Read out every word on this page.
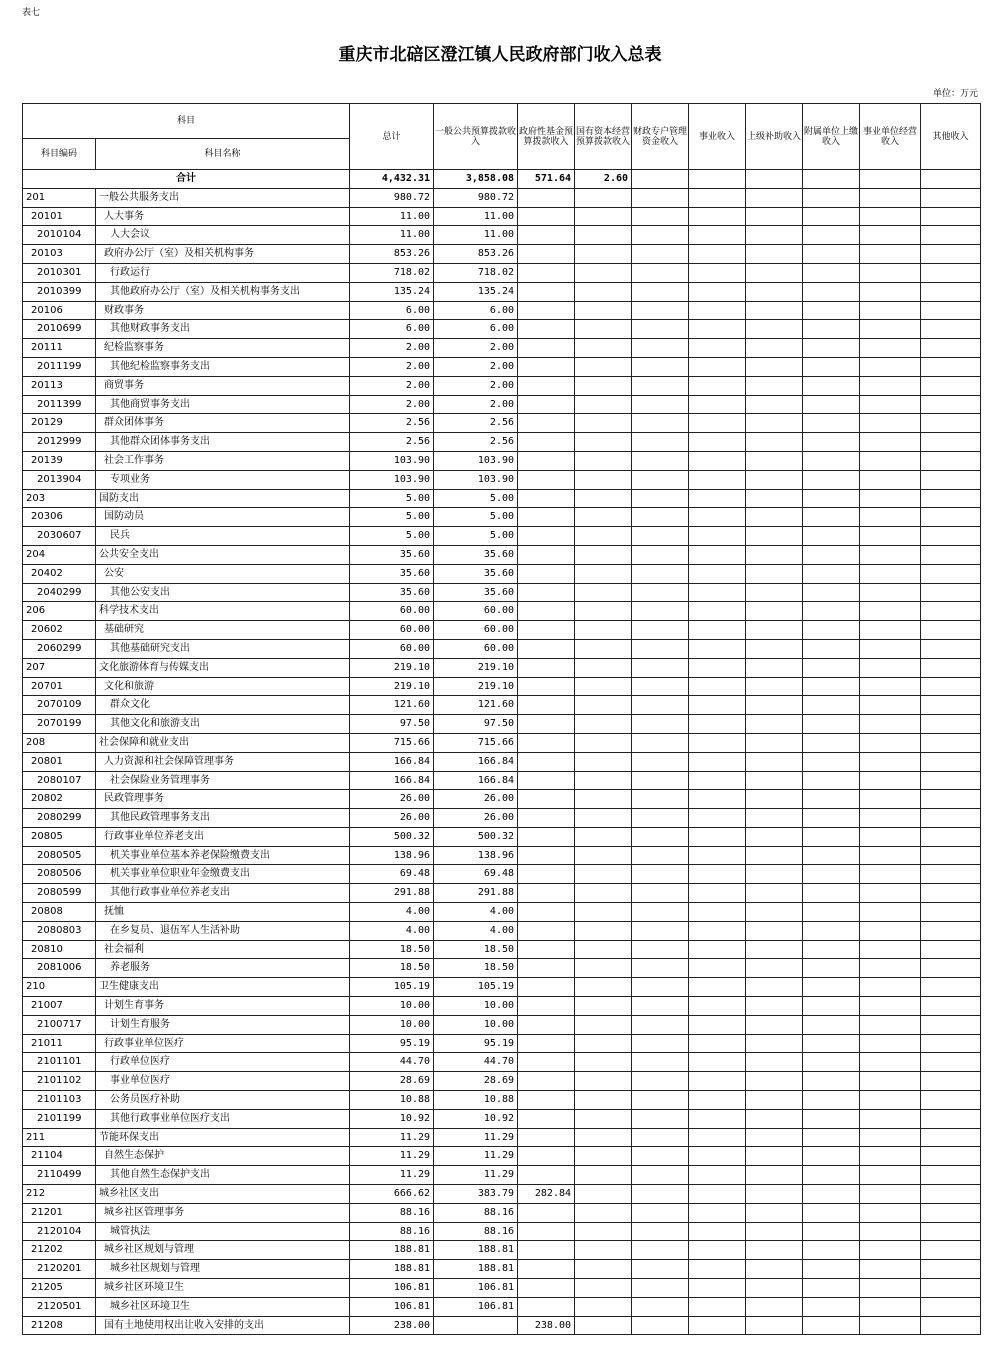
表七
重庆市北碚区澄江镇人民政府部门收入总表
单位：万元
科目		总计	一般公共预算拨款收入	政府性基金预算拨款收入	国有资本经营预算拨款收入	财政专户管理资金收入	事业收入	上级补助收入	附属单位上缴收入	事业单位经营收入	其他收入
科目编码	科目名称										
合计		4,432.31	3,858.08	571.64	2.60						
201	一般公共服务支出	980.72	980.72								
20101	人大事务	11.00	11.00								
2010104	人大会议	11.00	11.00								
20103	政府办公厅（室）及相关机构事务	853.26	853.26								
2010301	行政运行	718.02	718.02								
2010399	其他政府办公厅（室）及相关机构事务支出	135.24	135.24								
20106	财政事务	6.00	6.00								
2010699	其他财政事务支出	6.00	6.00								
20111	纪检监察事务	2.00	2.00								
2011199	其他纪检监察事务支出	2.00	2.00								
20113	商贸事务	2.00	2.00								
2011399	其他商贸事务支出	2.00	2.00								
20129	群众团体事务	2.56	2.56								
2012999	其他群众团体事务支出	2.56	2.56								
20139	社会工作事务	103.90	103.90								
2013904	专项业务	103.90	103.90								
203	国防支出	5.00	5.00								
20306	国防动员	5.00	5.00								
2030607	民兵	5.00	5.00								
204	公共安全支出	35.60	35.60								
20402	公安	35.60	35.60								
2040299	其他公安支出	35.60	35.60								
206	科学技术支出	60.00	60.00								
20602	基础研究	60.00	60.00								
2060299	其他基础研究支出	60.00	60.00								
207	文化旅游体育与传媒支出	219.10	219.10								
20701	文化和旅游	219.10	219.10								
2070109	群众文化	121.60	121.60								
2070199	其他文化和旅游支出	97.50	97.50								
208	社会保障和就业支出	715.66	715.66								
20801	人力资源和社会保障管理事务	166.84	166.84								
2080107	社会保险业务管理事务	166.84	166.84								
20802	民政管理事务	26.00	26.00								
2080299	其他民政管理事务支出	26.00	26.00								
20805	行政事业单位养老支出	500.32	500.32								
2080505	机关事业单位基本养老保险缴费支出	138.96	138.96								
2080506	机关事业单位职业年金缴费支出	69.48	69.48								
2080599	其他行政事业单位养老支出	291.88	291.88								
20808	抚恤	4.00	4.00								
2080803	在乡复员、退伍军人生活补助	4.00	4.00								
20810	社会福利	18.50	18.50								
2081006	养老服务	18.50	18.50								
210	卫生健康支出	105.19	105.19								
21007	计划生育事务	10.00	10.00								
2100717	计划生育服务	10.00	10.00								
21011	行政事业单位医疗	95.19	95.19								
2101101	行政单位医疗	44.70	44.70								
2101102	事业单位医疗	28.69	28.69								
2101103	公务员医疗补助	10.88	10.88								
2101199	其他行政事业单位医疗支出	10.92	10.92								
211	节能环保支出	11.29	11.29								
21104	自然生态保护	11.29	11.29								
2110499	其他自然生态保护支出	11.29	11.29								
212	城乡社区支出	666.62	383.79	282.84							
21201	城乡社区管理事务	88.16	88.16								
2120104	城管执法	88.16	88.16								
21202	城乡社区规划与管理	188.81	188.81								
2120201	城乡社区规划与管理	188.81	188.81								
21205	城乡社区环境卫生	106.81	106.81								
2120501	城乡社区环境卫生	106.81	106.81								
21208	国有土地使用权出让收入安排的支出	238.00		238.00							
